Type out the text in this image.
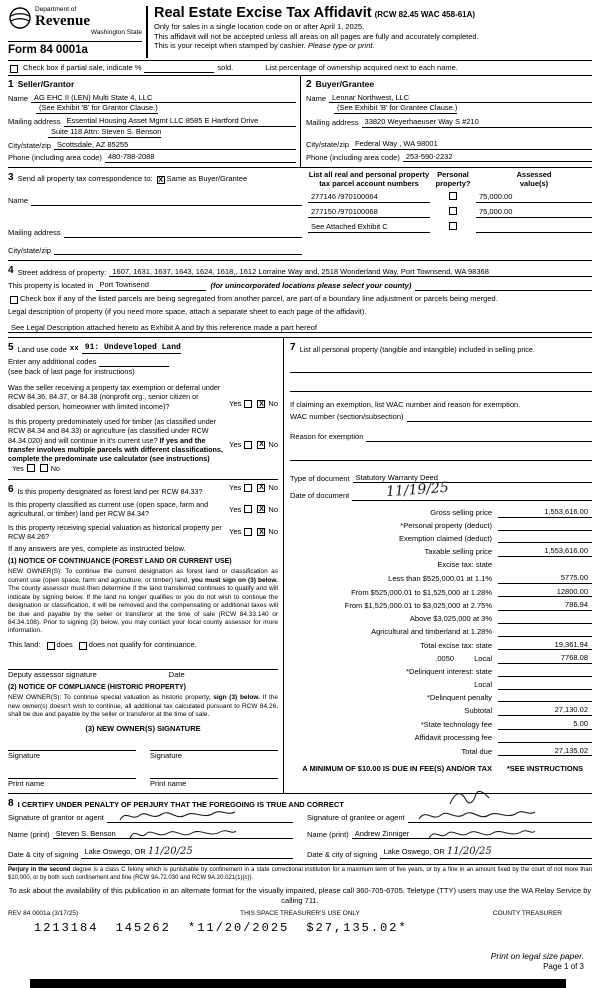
Department of
Revenue
Washington State
Form 84 0001a
Real Estate Excise Tax Affidavit (RCW 82.45 WAC 458-61A)
Only for sales in a single location code on or after April 1, 2025.
This affidavit will not be accepted unless all areas on all pages are fully and accurately completed.
This is your receipt when stamped by cashier. Please type or print.
Check box if partial sale, indicate %	sold.	List percentage of ownership acquired next to each name.
1 Seller/Grantor
Name AG EHC II (LEN) Multi State 4, LLC
(See Exhibit 'B' for Grantor Clause.)
Mailing address Essential Housing Asset Mgmt LLC 8585 E Hartford Drive
Suite 118 Attn: Steven S. Benson
City/state/zip Scottsdale, AZ 85255
Phone (including area code) 480-788-2088
2 Buyer/Grantee
Name Lennar Northwest, LLC
(See Exhibit 'B' for Grantee Clause.)
Mailing address 33820 Weyerhaeuser Way S #210
City/state/zip Federal Way , WA 98001
Phone (including area code) 253-590-2232
3 Send all property tax correspondence to: X Same as Buyer/Grantee
Name
Mailing address
City/state/zip
List all real and personal property
tax parcel account numbers
Personal
property?
Assessed
value(s)
277146 /970100064	75,000.00
277150 /970100068	75,000.00
See Attached Exhibit C
4 Street address of property: 1607, 1631, 1637, 1643, 1624, 1618,, 1612 Lorraine Way and, 2518 Wonderland Way, Port Townsend, WA 98368
This property is located in Port Townsend	(for unincorporated locations please select your county)
Check box if any of the listed parcels are being segregated from another parcel, are part of a boundary line adjustment or parcels being merged.
Legal description of property (if you need more space, attach a separate sheet to each page of the affidavit).
See Legal Description attached hereto as Exhibit A and by this reference made a part hereof
5 Land use code xx 91: Undeveloped Land
Enter any additional codes
(see back of last page for instructions)
Was the seller receiving a property tax exemption or deferral under RCW 84.36, 84.37, or 84.38 (nonprofit org., senior citizen or disabled person, homeowner with limited income)?	Yes	X No
Is this property predominately used for timber (as classified under RCW 84.34 and 84.33) or agriculture (as classified under RCW 84.34.020) and will continue in it's current use? If yes and the transfer involves multiple parcels with different classifications, complete the predominate use calculator (see instructions)
Yes	No
Yes	X No
6 Is this property designated as forest land per RCW 84.33?	Yes	X No
Is this property classified as current use (open space, farm and agricultural, or timber) land per RCW 84.34?
Yes	X No
Is this property receiving special valuation as historical property per RCW 84.26?
Yes	X No
If any answers are yes, complete as instructed below.
(1) NOTICE OF CONTINUANCE (FOREST LAND OR CURRENT USE)
NEW OWNER(S): To continue the current designation as forest land or classification as current use (open space, farm and agriculture, or timber) land, you must sign on (3) below. The county assessor must then determine if the land transferred continues to qualify and will indicate by signing below. If the land no longer qualifies or you do not wish to continue the designation or classification, it will be removed and the compensating or additional taxes will be due and payable by the seller or transferor at the time of sale (RCW 84.33.140 or 84.34.108). Prior to signing (3) below, you may contact your local county assessor for more information.
This land: does does not qualify for continuance.
Deputy assessor signature	Date
(2) NOTICE OF COMPLIANCE (HISTORIC PROPERTY)
NEW OWNER(S): To continue special valuation as historic property, sign (3) below. If the new owner(s) doesn't wish to continue, all additional tax calculated pursuant to RCW 84.26, shall be due and payable by the seller or transferor at the time of sale.
(3) NEW OWNER(S) SIGNATURE
Signature	Signature
Print name	Print name
7 List all personal property (tangible and intangible) included in selling price.
If claiming an exemption, list WAC number and reason for exemption.
WAC number (section/subsection)
Reason for exemption
Type of document Statutory Warranty Deed
Date of document	11/19/25
Gross selling price	1,553,616.00
*Personal property (deduct)
Exemption claimed (deduct)
Taxable selling price	1,553,616.00
Excise tax: state
Less than $525,000.01 at 1.1%	5775.00
From $525,000.01 to $1,525,000 at 1.28%	12800.00
From $1,525,000.01 to $3,025,000 at 2.75%	786.94
Above $3,025,000 at 3%
Agricultural and timberland at 1.28%
Total excise tax: state	19,361.94
.0050	Local	7768.08
*Delinquent interest: state
Local
*Delinquent penalty
Subtotal	27,130.02
*State technology fee	5.00
Affidavit processing fee
Total due	27,135.02
A MINIMUM OF $10.00 IS DUE IN FEE(S) AND/OR TAX	*SEE INSTRUCTIONS
8 I CERTIFY UNDER PENALTY OF PERJURY THAT THE FOREGOING IS TRUE AND CORRECT
Signature of grantor or agent
Name (print) Steven S. Benson
Date & city of signing Lake Oswego, OR 11/20/25
Signature of grantee or agent
Name (print) Andrew Zinniger
Date & city of signing Lake Oswego, OR 11/20/25
Perjury in the second degree is a class C felony which is punishable by confinement in a state correctional institution for a maximum term of five years, or by a fine in an amount fixed by the court of not more than $10,000, or by both such confinement and fine (RCW 9A.72.030 and RCW 9A.20.021(1)(c)).
To ask about the availability of this publication in an alternate format for the visually impaired, please call 360-705-6705. Teletype (TTY) users may use the WA Relay Service by calling 711.
REV 84 0001a (3/17/25)	THIS SPACE TREASURER'S USE ONLY	COUNTY TREASURER
1213184 145262 *11/20/2025 $27,135.02*
Print on legal size paper.
Page 1 of 3
